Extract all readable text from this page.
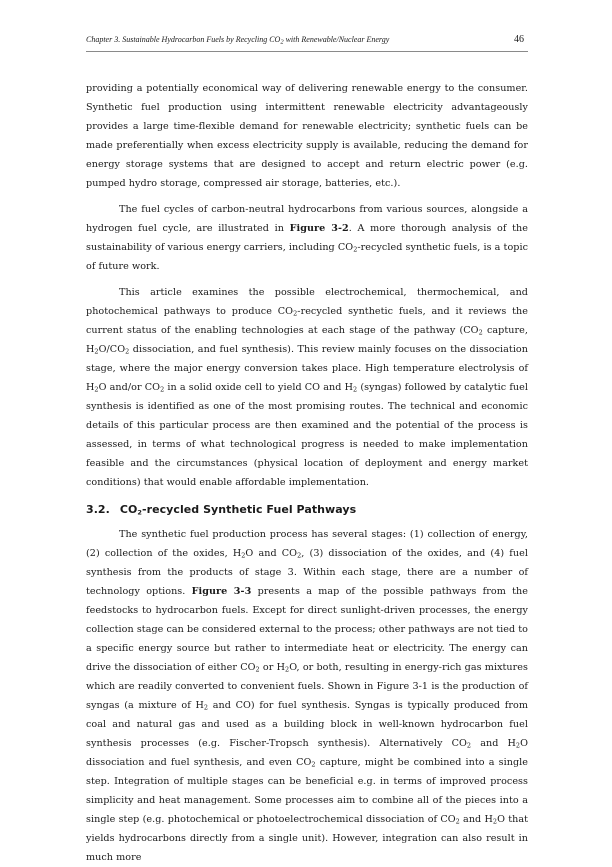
Chapter 3. Sustainable Hydrocarbon Fuels by Recycling $CO_2$ with Renewable/Nuclear Energy	46

providing a potentially economical way of delivering renewable energy to the consumer. Synthetic fuel production using intermittent renewable electricity advantageously provides a large time-flexible demand for renewable electricity; synthetic fuels can be made preferentially when excess electricity supply is available, reducing the demand for energy storage systems that are designed to accept and return electric power (e.g. pumped hydro storage, compressed air storage, batteries, etc.).

The fuel cycles of carbon-neutral hydrocarbons from various sources, alongside a hydrogen fuel cycle, are illustrated in Figure 3-2. A more thorough analysis of the sustainability of various energy carriers, including $CO_2$-recycled synthetic fuels, is a topic of future work.

This article examines the possible electrochemical, thermochemical, and photochemical pathways to produce $CO_2$-recycled synthetic fuels, and it reviews the current status of the enabling technologies at each stage of the pathway ($CO_2$ capture, $H_2O/CO_2$ dissociation, and fuel synthesis). This review mainly focuses on the dissociation stage, where the major energy conversion takes place. High temperature electrolysis of $H_2O$ and/or $CO_2$ in a solid oxide cell to yield CO and $H_2$ (syngas) followed by catalytic fuel synthesis is identified as one of the most promising routes. The technical and economic details of this particular process are then examined and the potential of the process is assessed, in terms of what technological progress is needed to make implementation feasible and the circumstances (physical location of deployment and energy market conditions) that would enable affordable implementation.

3.2. $CO_2$-recycled Synthetic Fuel Pathways

The synthetic fuel production process has several stages: (1) collection of energy, (2) collection of the oxides, $H_2O$ and $CO_2$, (3) dissociation of the oxides, and (4) fuel synthesis from the products of stage 3. Within each stage, there are a number of technology options. Figure 3-3 presents a map of the possible pathways from the feedstocks to hydrocarbon fuels. Except for direct sunlight-driven processes, the energy collection stage can be considered external to the process; other pathways are not tied to a specific energy source but rather to intermediate heat or electricity. The energy can drive the dissociation of either $CO_2$ or $H_2O$, or both, resulting in energy-rich gas mixtures which are readily converted to convenient fuels. Shown in Figure 3-1 is the production of syngas (a mixture of $H_2$ and CO) for fuel synthesis. Syngas is typically produced from coal and natural gas and used as a building block in well-known hydrocarbon fuel synthesis processes (e.g. Fischer-Tropsch synthesis). Alternatively $CO_2$ and $H_2O$ dissociation and fuel synthesis, and even $CO_2$ capture, might be combined into a single step. Integration of multiple stages can be beneficial e.g. in terms of improved process simplicity and heat management. Some processes aim to combine all of the pieces into a single step (e.g. photochemical or photoelectrochemical dissociation of $CO_2$ and $H_2O$ that yields hydrocarbons directly from a single unit). However, integration can also result in much more
